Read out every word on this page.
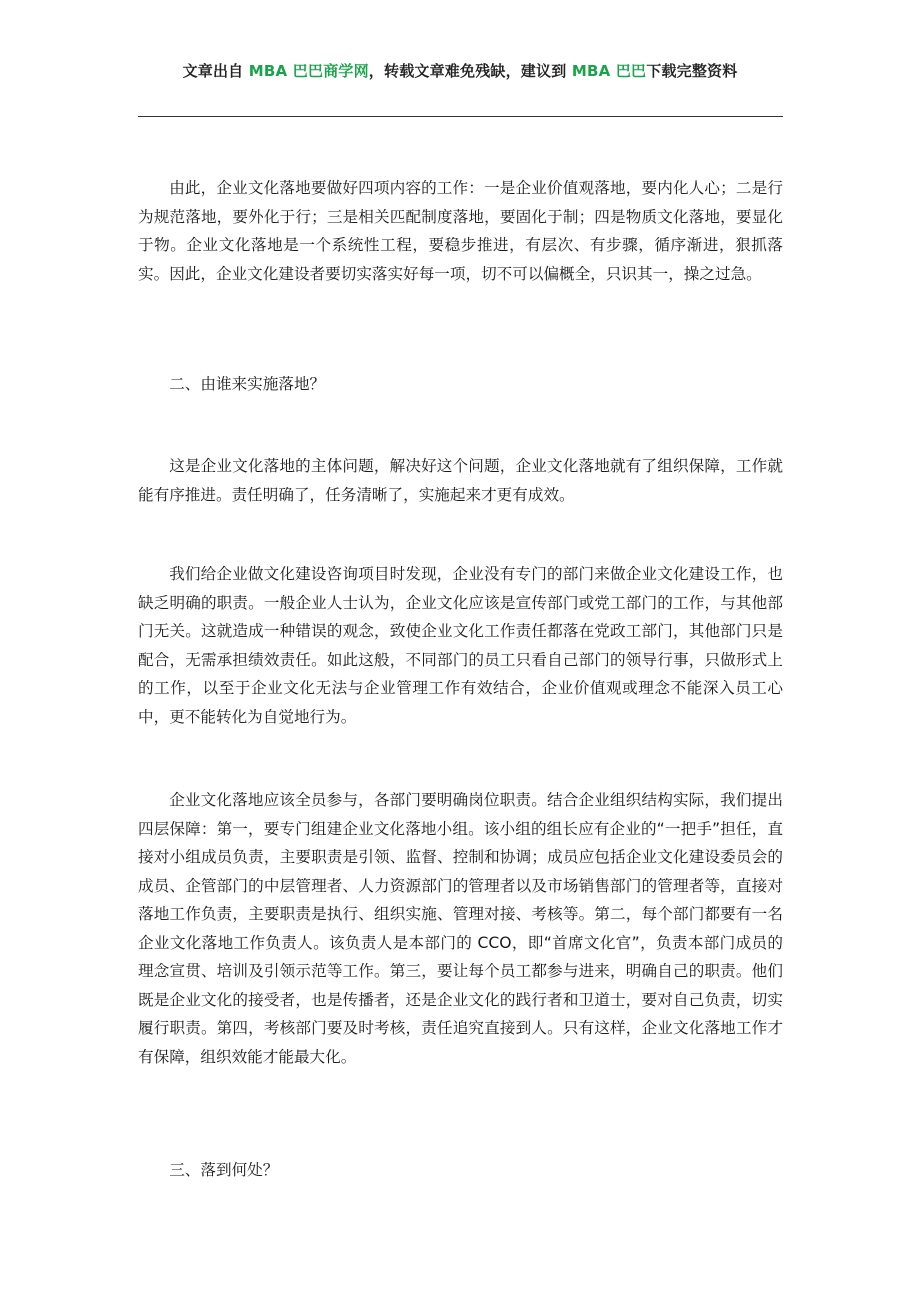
文章出自 MBA 巴巴商学网，转载文章难免残缺，建议到 MBA 巴巴下载完整资料

由此，企业文化落地要做好四项内容的工作：一是企业价值观落地，要内化人心；二是行为规范落地，要外化于行；三是相关匹配制度落地，要固化于制；四是物质文化落地，要显化于物。企业文化落地是一个系统性工程，要稳步推进，有层次、有步骤，循序渐进，狠抓落实。因此，企业文化建设者要切实落实好每一项，切不可以偏概全，只识其一，操之过急。

二、由谁来实施落地？

这是企业文化落地的主体问题，解决好这个问题，企业文化落地就有了组织保障，工作就能有序推进。责任明确了，任务清晰了，实施起来才更有成效。

我们给企业做文化建设咨询项目时发现，企业没有专门的部门来做企业文化建设工作，也缺乏明确的职责。一般企业人士认为，企业文化应该是宣传部门或党工部门的工作，与其他部门无关。这就造成一种错误的观念，致使企业文化工作责任都落在党政工部门，其他部门只是配合，无需承担绩效责任。如此这般，不同部门的员工只看自己部门的领导行事，只做形式上的工作，以至于企业文化无法与企业管理工作有效结合，企业价值观或理念不能深入员工心中，更不能转化为自觉地行为。

企业文化落地应该全员参与，各部门要明确岗位职责。结合企业组织结构实际，我们提出四层保障：第一，要专门组建企业文化落地小组。该小组的组长应有企业的“一把手”担任，直接对小组成员负责，主要职责是引领、监督、控制和协调；成员应包括企业文化建设委员会的成员、企管部门的中层管理者、人力资源部门的管理者以及市场销售部门的管理者等，直接对落地工作负责，主要职责是执行、组织实施、管理对接、考核等。第二，每个部门都要有一名企业文化落地工作负责人。该负责人是本部门的 CCO，即“首席文化官”，负责本部门成员的理念宣贯、培训及引领示范等工作。第三，要让每个员工都参与进来，明确自己的职责。他们既是企业文化的接受者，也是传播者，还是企业文化的践行者和卫道士，要对自己负责，切实履行职责。第四，考核部门要及时考核，责任追究直接到人。只有这样，企业文化落地工作才有保障，组织效能才能最大化。

三、落到何处？
